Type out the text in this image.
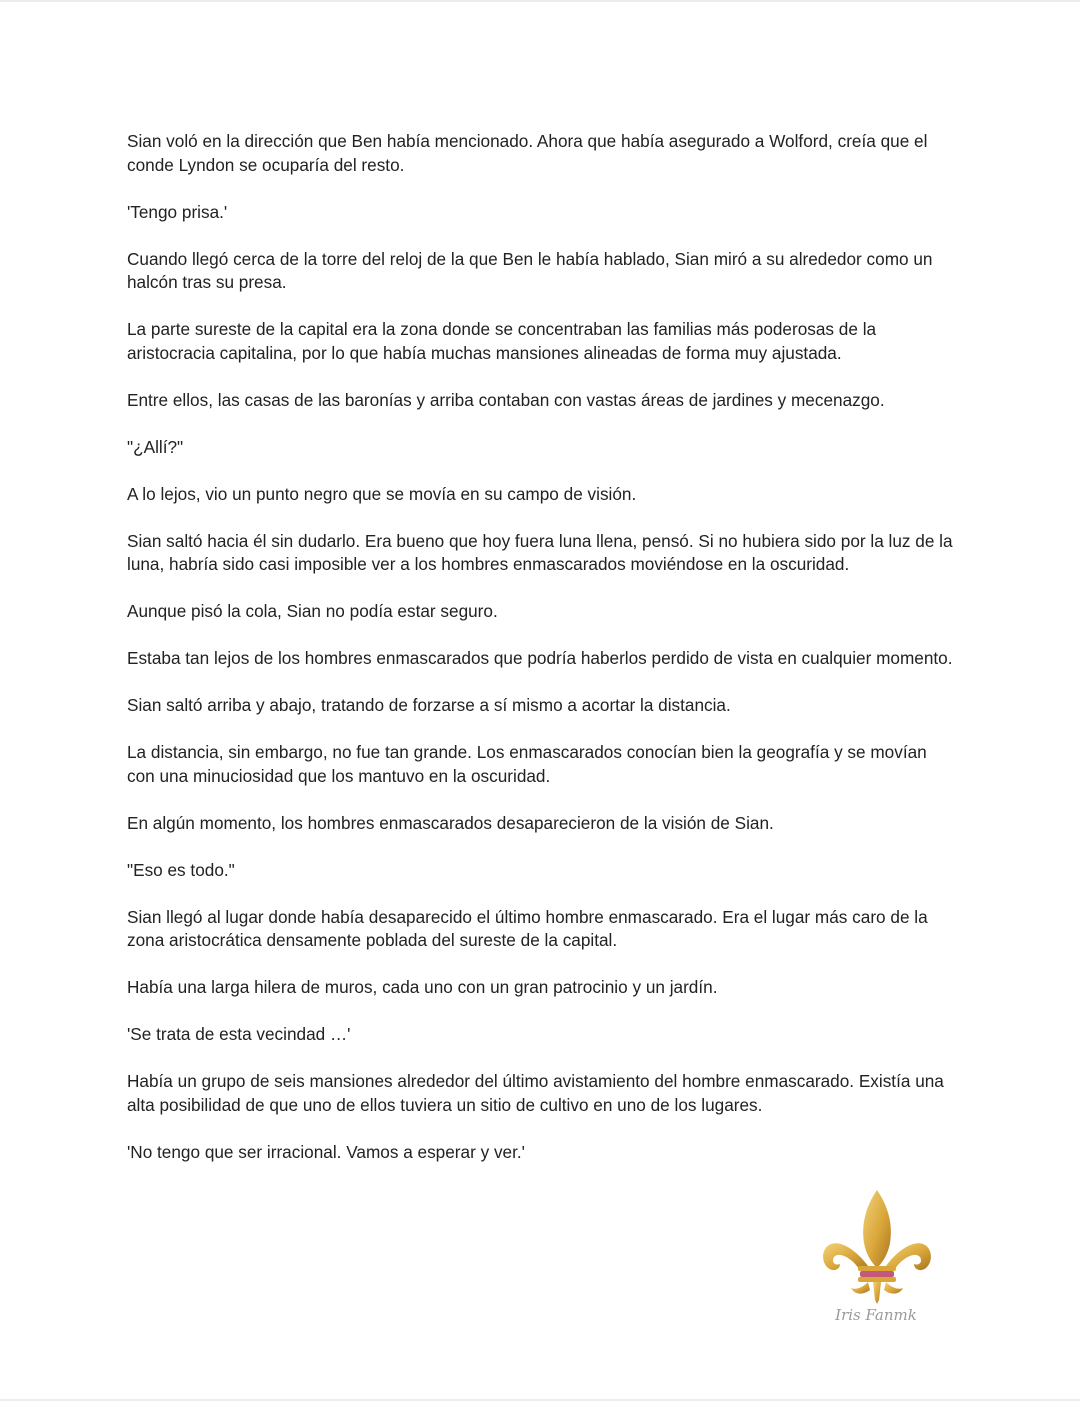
Sian voló en la dirección que Ben había mencionado. Ahora que había asegurado a Wolford, creía que el conde Lyndon se ocuparía del resto.

'Tengo prisa.'

Cuando llegó cerca de la torre del reloj de la que Ben le había hablado, Sian miró a su alrededor como un halcón tras su presa.

La parte sureste de la capital era la zona donde se concentraban las familias más poderosas de la aristocracia capitalina, por lo que había muchas mansiones alineadas de forma muy ajustada.

Entre ellos, las casas de las baronías y arriba contaban con vastas áreas de jardines y mecenazgo.

"¿Allí?"

A lo lejos, vio un punto negro que se movía en su campo de visión.

Sian saltó hacia él sin dudarlo. Era bueno que hoy fuera luna llena, pensó. Si no hubiera sido por la luz de la luna, habría sido casi imposible ver a los hombres enmascarados moviéndose en la oscuridad.

Aunque pisó la cola, Sian no podía estar seguro.

Estaba tan lejos de los hombres enmascarados que podría haberlos perdido de vista en cualquier momento.

Sian saltó arriba y abajo, tratando de forzarse a sí mismo a acortar la distancia.

La distancia, sin embargo, no fue tan grande. Los enmascarados conocían bien la geografía y se movían con una minuciosidad que los mantuvo en la oscuridad.

En algún momento, los hombres enmascarados desaparecieron de la visión de Sian.

"Eso es todo."

Sian llegó al lugar donde había desaparecido el último hombre enmascarado. Era el lugar más caro de la zona aristocrática densamente poblada del sureste de la capital.

Había una larga hilera de muros, cada uno con un gran patrocinio y un jardín.

'Se trata de esta vecindad …'

Había un grupo de seis mansiones alrededor del último avistamiento del hombre enmascarado. Existía una alta posibilidad de que uno de ellos tuviera un sitio de cultivo en uno de los lugares.

'No tengo que ser irracional. Vamos a esperar y ver.'

Iris Fanmk
